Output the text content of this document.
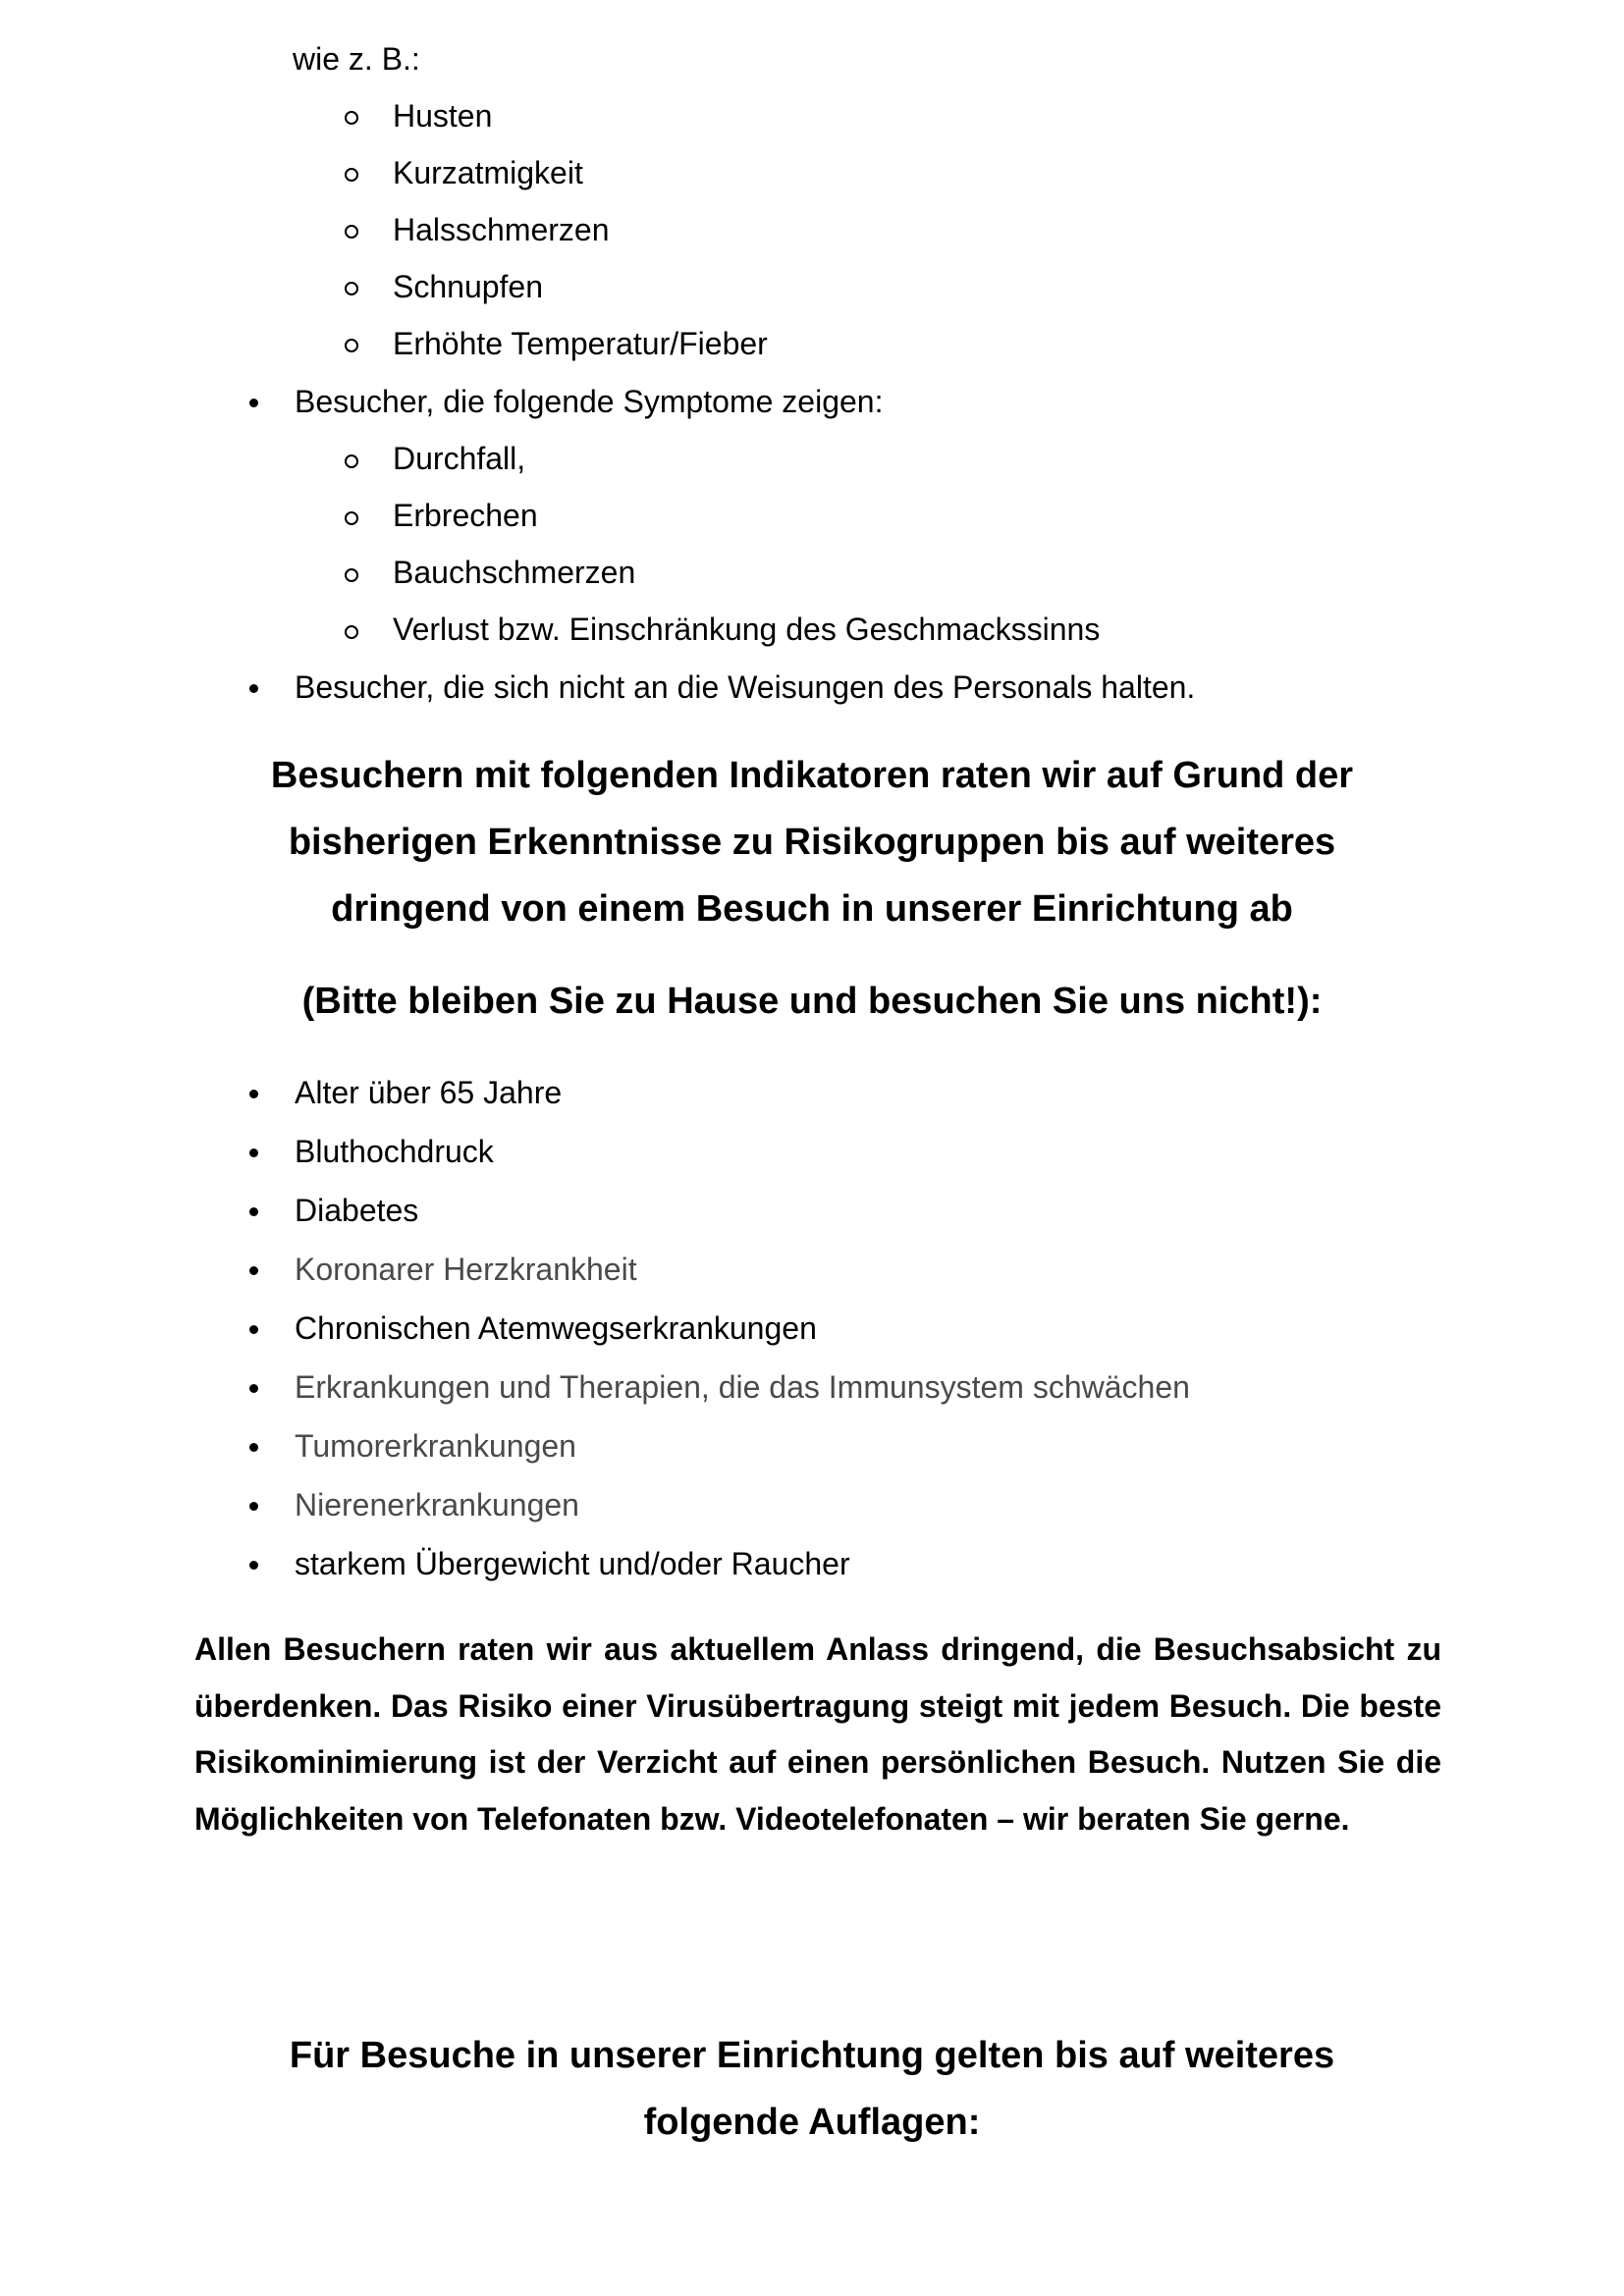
wie z. B.:
Husten
Kurzatmigkeit
Halsschmerzen
Schnupfen
Erhöhte Temperatur/Fieber
Besucher, die folgende Symptome zeigen:
Durchfall,
Erbrechen
Bauchschmerzen
Verlust bzw. Einschränkung des Geschmackssinns
Besucher, die sich nicht an die Weisungen des Personals halten.
Besuchern mit folgenden Indikatoren raten wir auf Grund der
bisherigen Erkenntnisse zu Risikogruppen bis auf weiteres
dringend von einem Besuch in unserer Einrichtung ab
(Bitte bleiben Sie zu Hause und besuchen Sie uns nicht!):
Alter über 65 Jahre
Bluthochdruck
Diabetes
Koronarer Herzkrankheit
Chronischen Atemwegserkrankungen
Erkrankungen und Therapien, die das Immunsystem schwächen
Tumorerkrankungen
Nierenerkrankungen
starkem Übergewicht und/oder Raucher
Allen Besuchern raten wir aus aktuellem Anlass dringend, die Besuchsabsicht zu überdenken. Das Risiko einer Virusübertragung steigt mit jedem Besuch. Die beste Risikominimierung ist der Verzicht auf einen persönlichen Besuch. Nutzen Sie die Möglichkeiten von Telefonaten bzw. Videotelefonaten – wir beraten Sie gerne.
Für Besuche in unserer Einrichtung gelten bis auf weiteres
folgende Auflagen:
